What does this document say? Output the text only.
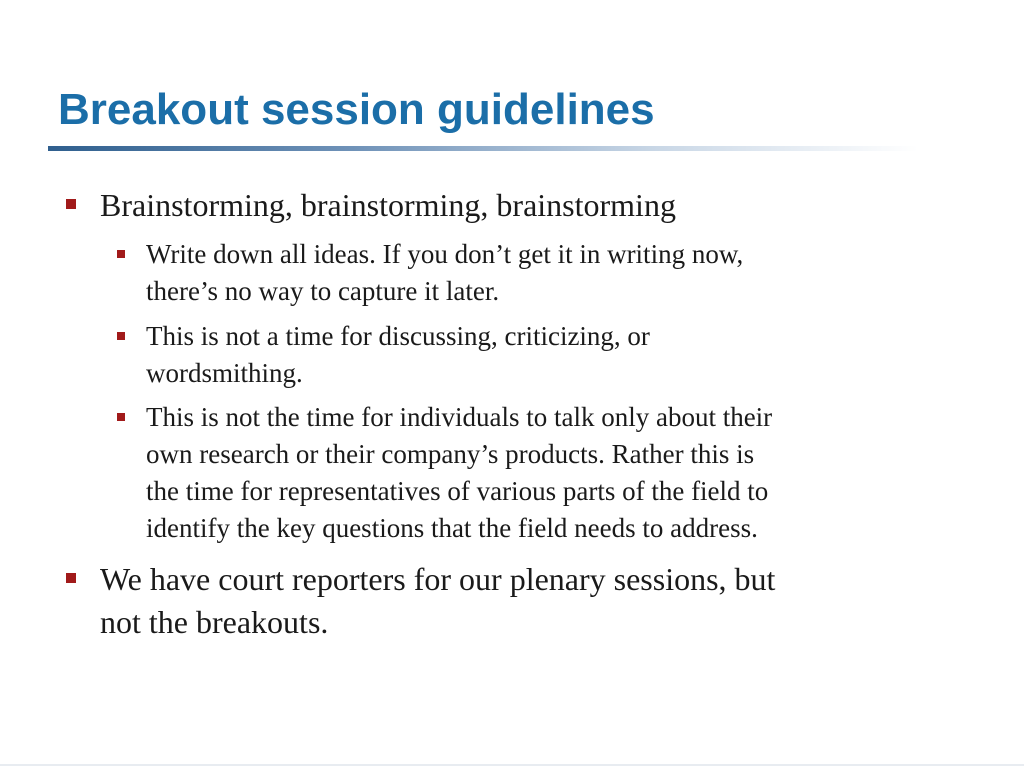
Breakout session guidelines
Brainstorming, brainstorming, brainstorming
Write down all ideas. If you don’t get it in writing now,
there’s no way to capture it later.
This is not a time for discussing, criticizing, or
wordsmithing.
This is not the time for individuals to talk only about their
own research or their company’s products. Rather this is
the time for representatives of various parts of the field to
identify the key questions that the field needs to address.
We have court reporters for our plenary sessions, but
not the breakouts.
